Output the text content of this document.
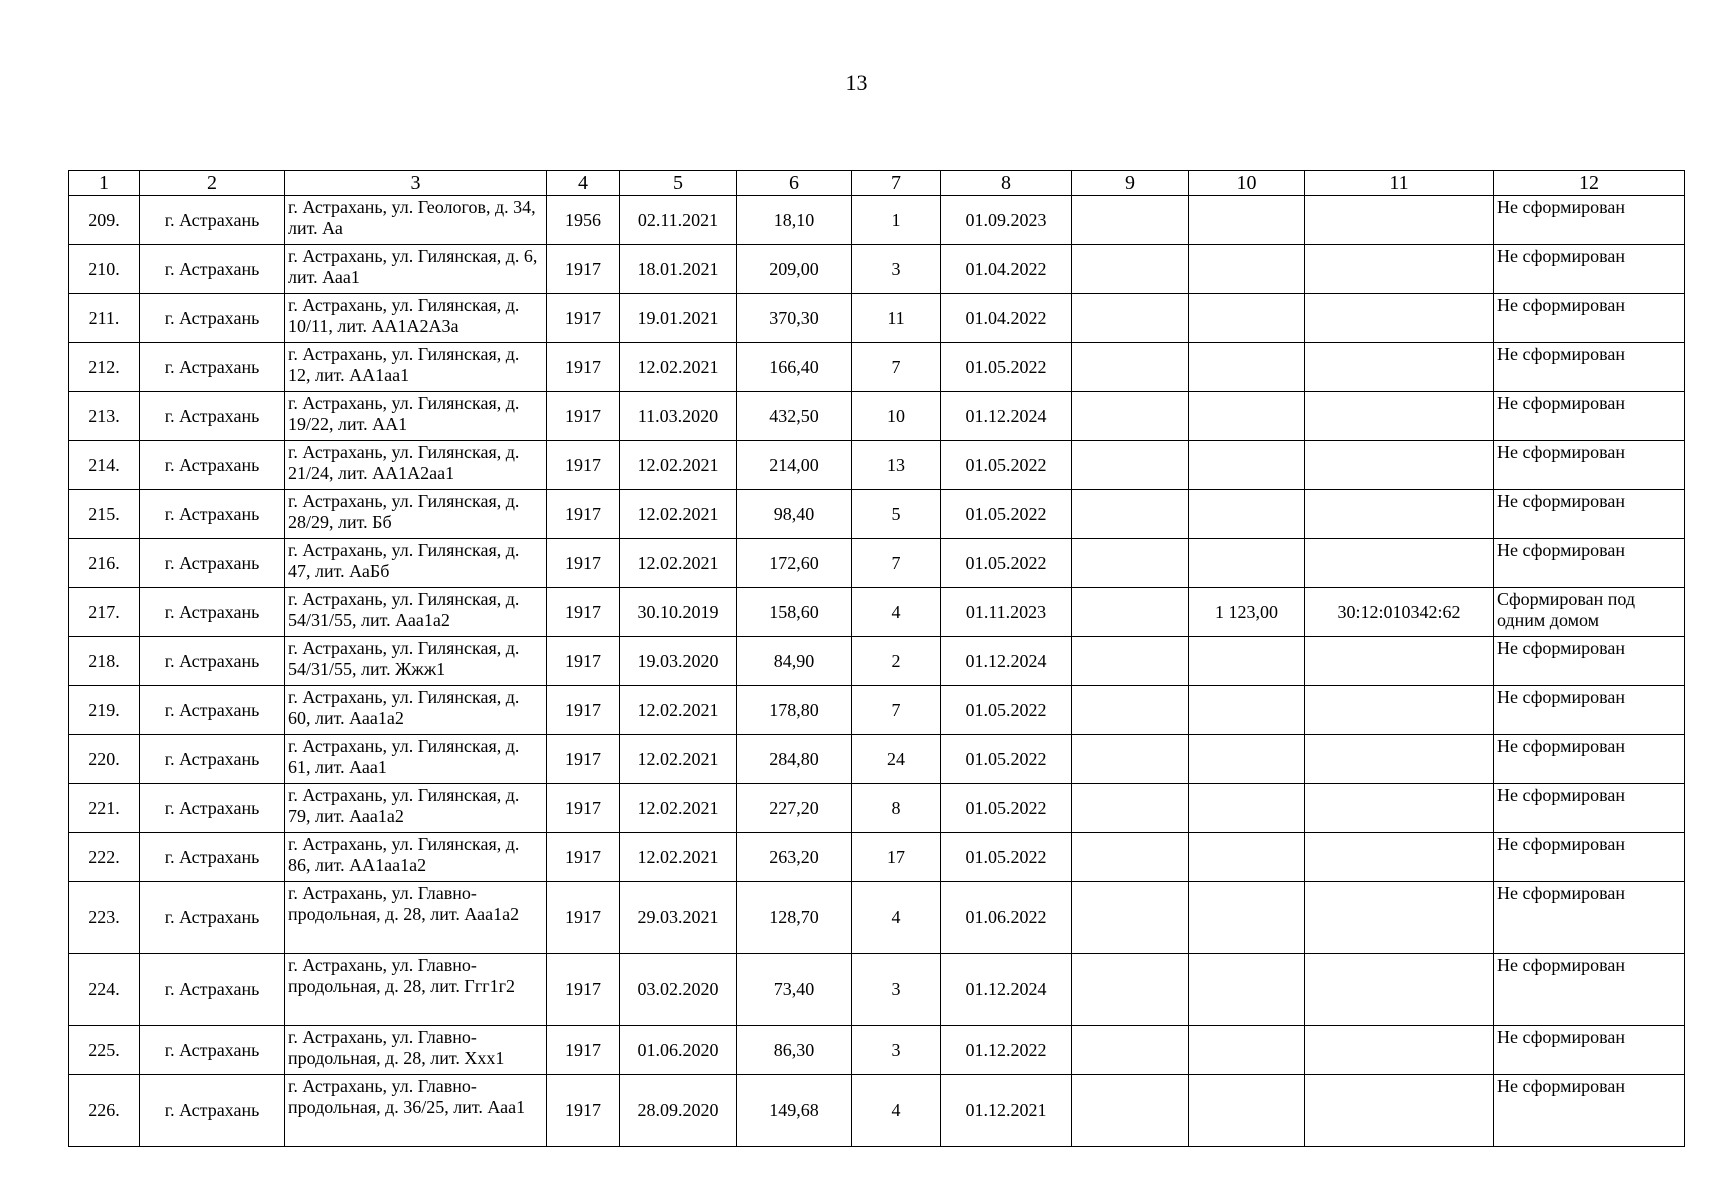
13
1	2	3	4	5	6	7	8	9	10	11	12
209.	г. Астрахань	г. Астрахань, ул. Геологов, д. 34, лит. Аа	1956	02.11.2021	18,10	1	01.09.2023				Не сформирован
210.	г. Астрахань	г. Астрахань, ул. Гилянская, д. 6, лит. Ааа1	1917	18.01.2021	209,00	3	01.04.2022				Не сформирован
211.	г. Астрахань	г. Астрахань, ул. Гилянская, д. 10/11, лит. АА1А2А3а	1917	19.01.2021	370,30	11	01.04.2022				Не сформирован
212.	г. Астрахань	г. Астрахань, ул. Гилянская, д. 12, лит. АА1аа1	1917	12.02.2021	166,40	7	01.05.2022				Не сформирован
213.	г. Астрахань	г. Астрахань, ул. Гилянская, д. 19/22, лит. АА1	1917	11.03.2020	432,50	10	01.12.2024				Не сформирован
214.	г. Астрахань	г. Астрахань, ул. Гилянская, д. 21/24, лит. АА1А2аа1	1917	12.02.2021	214,00	13	01.05.2022				Не сформирован
215.	г. Астрахань	г. Астрахань, ул. Гилянская, д. 28/29, лит. Бб	1917	12.02.2021	98,40	5	01.05.2022				Не сформирован
216.	г. Астрахань	г. Астрахань, ул. Гилянская, д. 47, лит. АаБб	1917	12.02.2021	172,60	7	01.05.2022				Не сформирован
217.	г. Астрахань	г. Астрахань, ул. Гилянская, д. 54/31/55, лит. Ааа1а2	1917	30.10.2019	158,60	4	01.11.2023		1 123,00	30:12:010342:62	Сформирован под одним домом
218.	г. Астрахань	г. Астрахань, ул. Гилянская, д. 54/31/55, лит. Жжж1	1917	19.03.2020	84,90	2	01.12.2024				Не сформирован
219.	г. Астрахань	г. Астрахань, ул. Гилянская, д. 60, лит. Ааа1а2	1917	12.02.2021	178,80	7	01.05.2022				Не сформирован
220.	г. Астрахань	г. Астрахань, ул. Гилянская, д. 61, лит. Ааа1	1917	12.02.2021	284,80	24	01.05.2022				Не сформирован
221.	г. Астрахань	г. Астрахань, ул. Гилянская, д. 79, лит. Ааа1а2	1917	12.02.2021	227,20	8	01.05.2022				Не сформирован
222.	г. Астрахань	г. Астрахань, ул. Гилянская, д. 86, лит. АА1аа1а2	1917	12.02.2021	263,20	17	01.05.2022				Не сформирован
223.	г. Астрахань	г. Астрахань, ул. Главно-продольная, д. 28, лит. Ааа1а2	1917	29.03.2021	128,70	4	01.06.2022				Не сформирован
224.	г. Астрахань	г. Астрахань, ул. Главно-продольная, д. 28, лит. Ггг1г2	1917	03.02.2020	73,40	3	01.12.2024				Не сформирован
225.	г. Астрахань	г. Астрахань, ул. Главно-продольная, д. 28, лит. Ххх1	1917	01.06.2020	86,30	3	01.12.2022				Не сформирован
226.	г. Астрахань	г. Астрахань, ул. Главно-продольная, д. 36/25, лит. Ааа1	1917	28.09.2020	149,68	4	01.12.2021				Не сформирован
